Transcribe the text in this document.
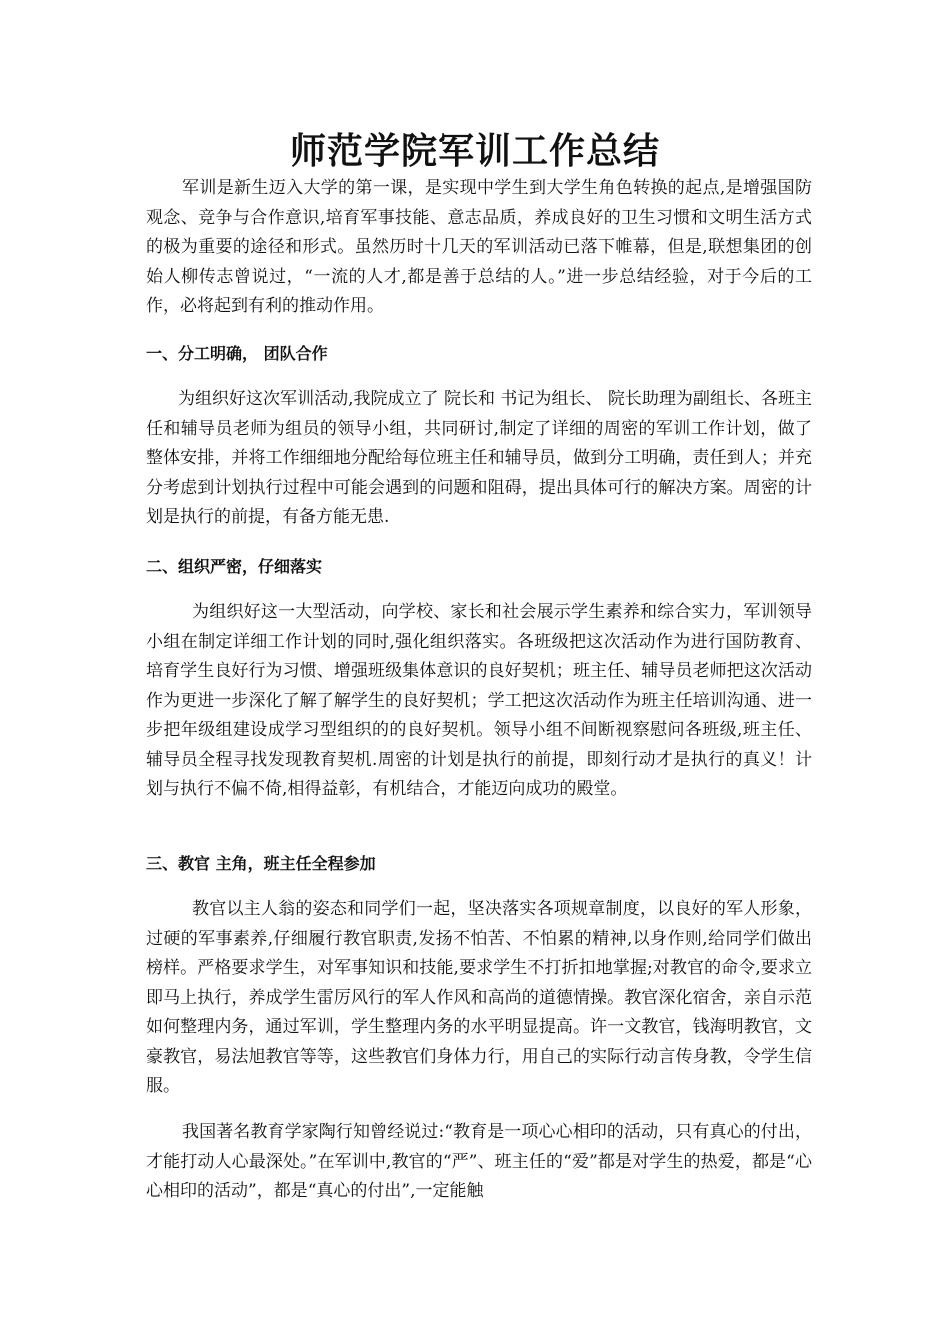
师范学院军训工作总结

军训是新生迈入大学的第一课，是实现中学生到大学生角色转换的起点,是增强国防观念、竞争与合作意识,培育军事技能、意志品质，养成良好的卫生习惯和文明生活方式的极为重要的途径和形式。虽然历时十几天的军训活动已落下帷幕，但是,联想集团的创始人柳传志曾说过，“一流的人才,都是善于总结的人。”进一步总结经验，对于今后的工作，必将起到有利的推动作用。

一、分工明确， 团队合作

为组织好这次军训活动,我院成立了 院长和 书记为组长、 院长助理为副组长、各班主任和辅导员老师为组员的领导小组，共同研讨,制定了详细的周密的军训工作计划，做了整体安排，并将工作细细地分配给每位班主任和辅导员，做到分工明确，责任到人；并充分考虑到计划执行过程中可能会遇到的问题和阻碍，提出具体可行的解决方案。周密的计划是执行的前提，有备方能无患.

二、组织严密，仔细落实

为组织好这一大型活动，向学校、家长和社会展示学生素养和综合实力，军训领导小组在制定详细工作计划的同时,强化组织落实。各班级把这次活动作为进行国防教育、培育学生良好行为习惯、增强班级集体意识的良好契机；班主任、辅导员老师把这次活动作为更进一步深化了解了解学生的良好契机；学工把这次活动作为班主任培训沟通、进一步把年级组建设成学习型组织的的良好契机。领导小组不间断视察慰问各班级,班主任、辅导员全程寻找发现教育契机.周密的计划是执行的前提，即刻行动才是执行的真义！计划与执行不偏不倚,相得益彰，有机结合，才能迈向成功的殿堂。

三、教官 主角，班主任全程参加

教官以主人翁的姿态和同学们一起，坚决落实各项规章制度，以良好的军人形象，过硬的军事素养,仔细履行教官职责,发扬不怕苦、不怕累的精神,以身作则,给同学们做出榜样。严格要求学生，对军事知识和技能,要求学生不打折扣地掌握;对教官的命令,要求立即马上执行，养成学生雷厉风行的军人作风和高尚的道德情操。教官深化宿舍，亲自示范如何整理内务，通过军训，学生整理内务的水平明显提高。许一文教官，钱海明教官，文豪教官，易法旭教官等等，这些教官们身体力行，用自己的实际行动言传身教，令学生信服。

我国著名教育学家陶行知曾经说过:“教育是一项心心相印的活动，只有真心的付出，才能打动人心最深处。”在军训中,教官的“严”、班主任的“爱”都是对学生的热爱，都是“心心相印的活动”，都是“真心的付出”,一定能触
